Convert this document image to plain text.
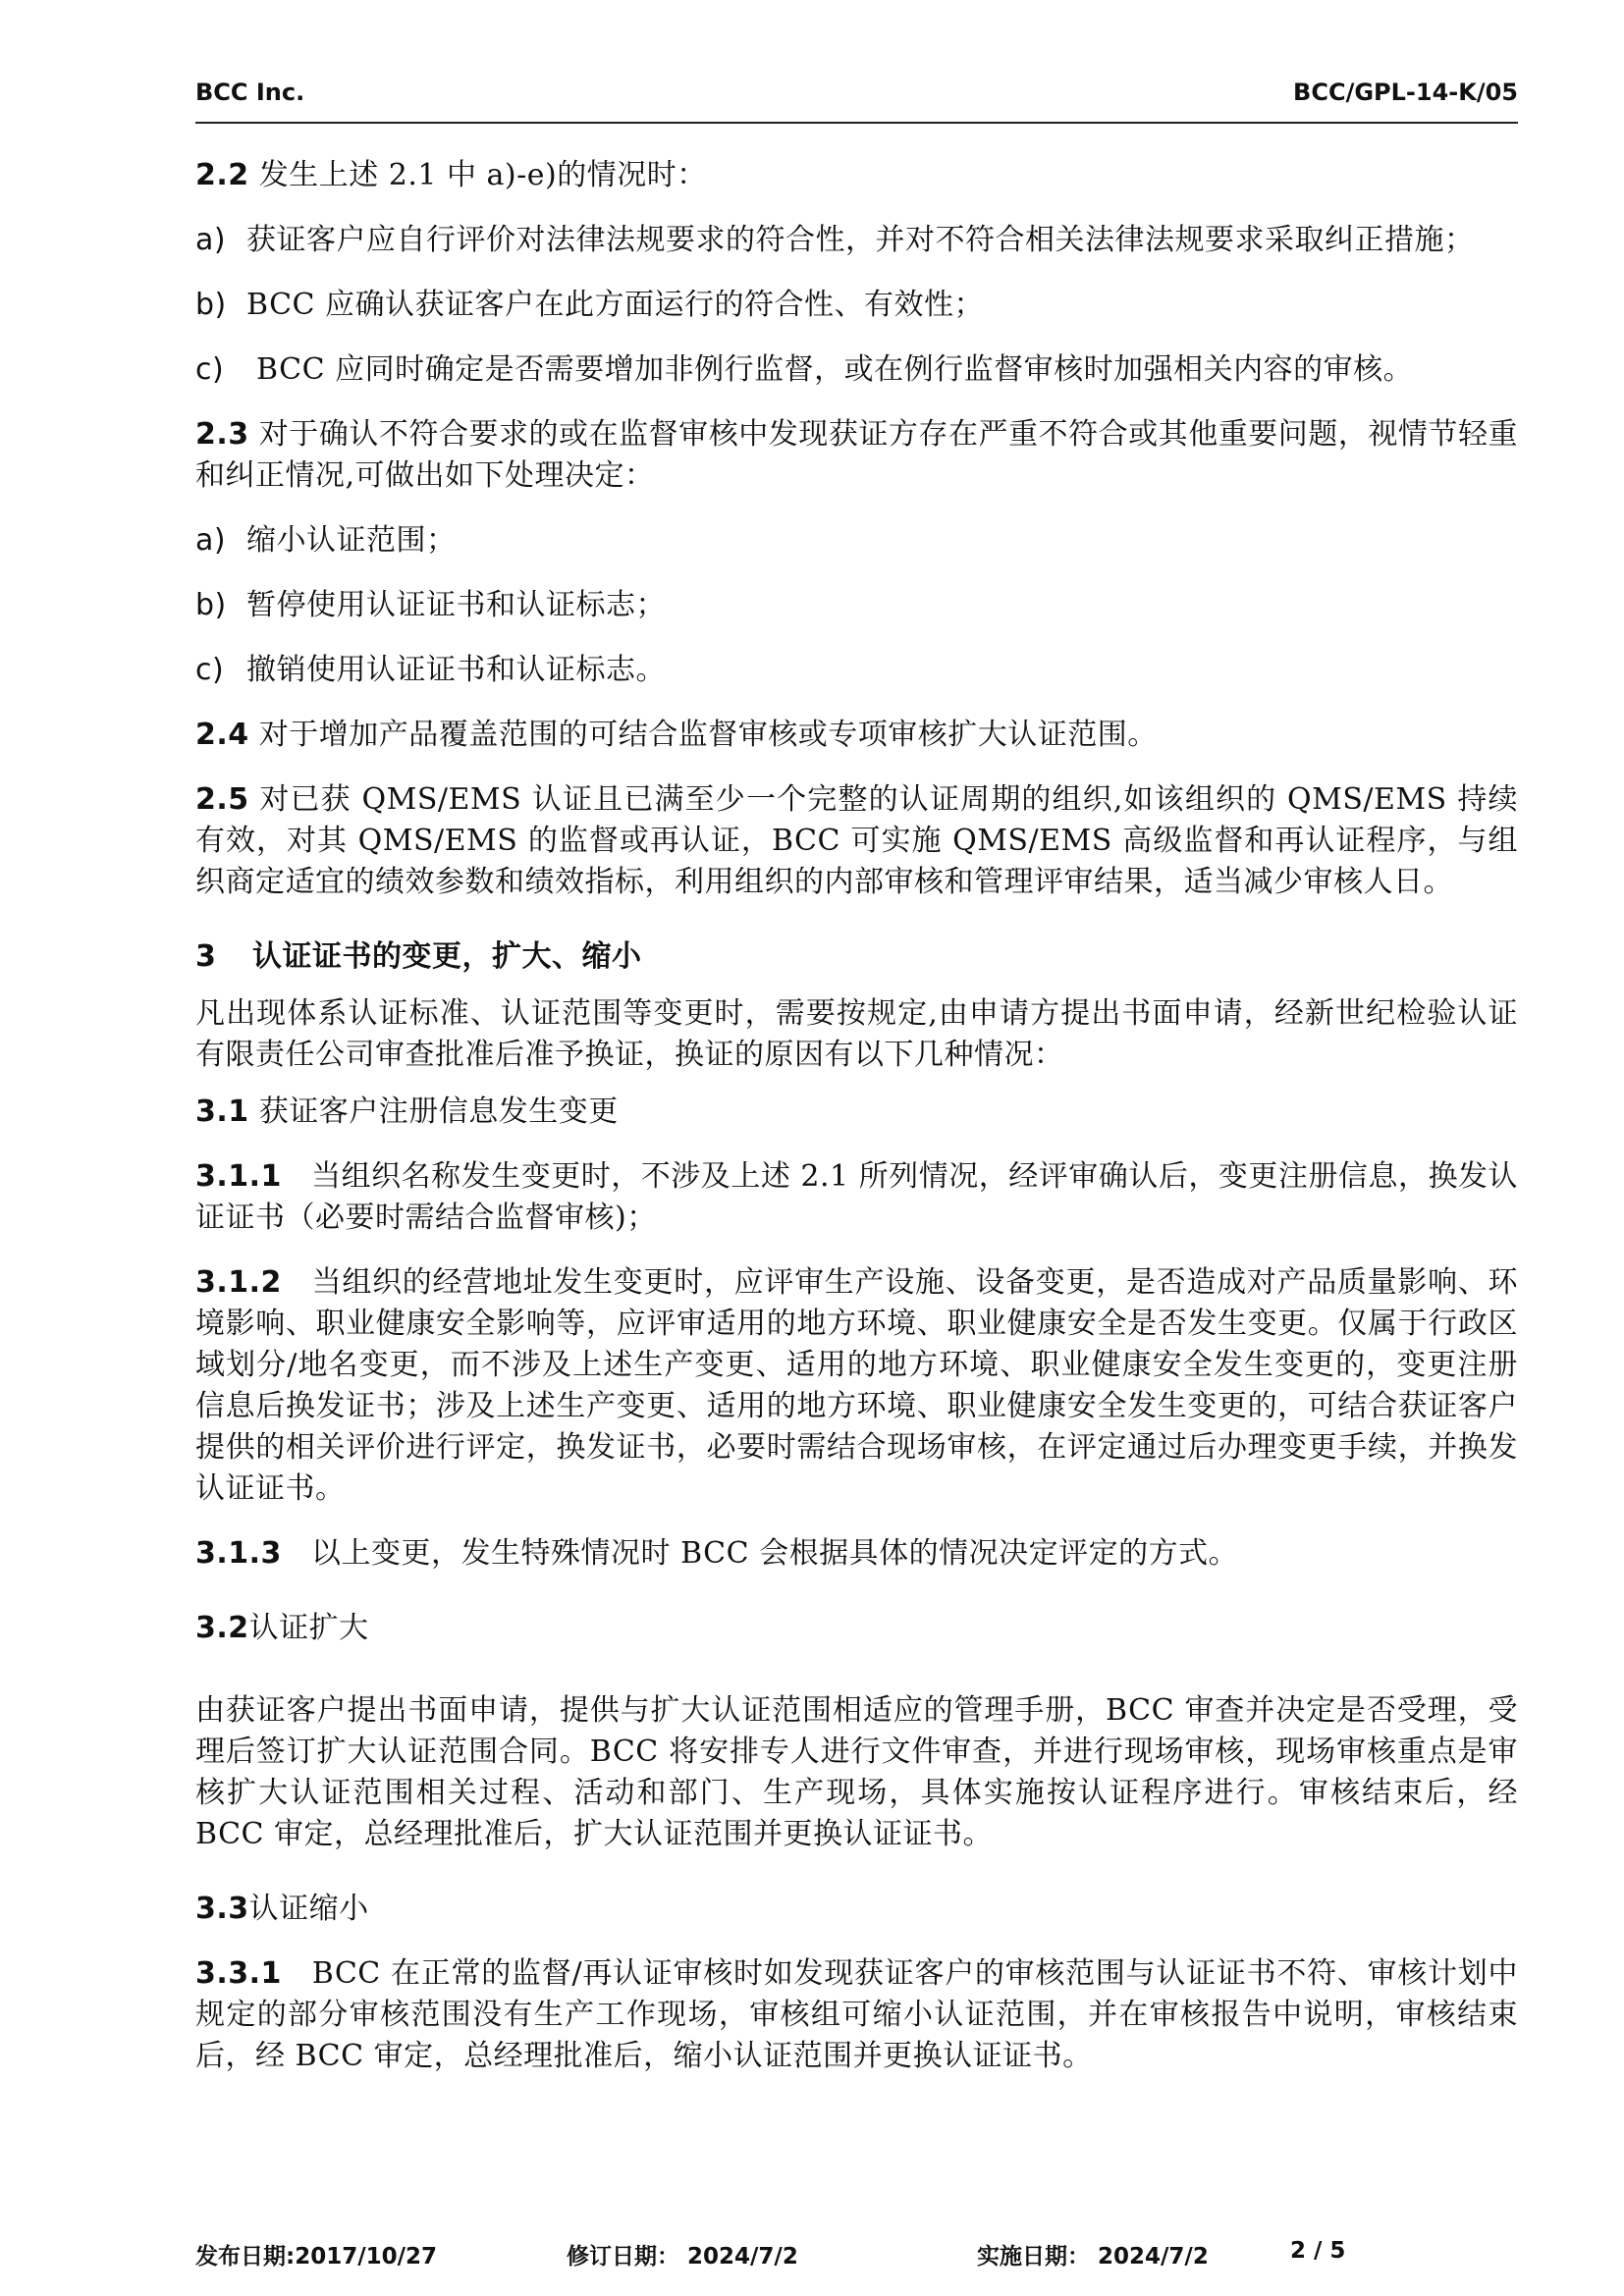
BCC Inc.	BCC/GPL-14-K/05

2.2 发生上述 2.1 中 a)-e)的情况时：

a) 获证客户应自行评价对法律法规要求的符合性，并对不符合相关法律法规要求采取纠正措施；

b) BCC 应确认获证客户在此方面运行的符合性、有效性；

c) BCC 应同时确定是否需要增加非例行监督，或在例行监督审核时加强相关内容的审核。

2.3 对于确认不符合要求的或在监督审核中发现获证方存在严重不符合或其他重要问题，视情节轻重和纠正情况,可做出如下处理决定：

a) 缩小认证范围；

b) 暂停使用认证证书和认证标志；

c) 撤销使用认证证书和认证标志。

2.4 对于增加产品覆盖范围的可结合监督审核或专项审核扩大认证范围。

2.5 对已获 QMS/EMS 认证且已满至少一个完整的认证周期的组织,如该组织的 QMS/EMS 持续有效，对其 QMS/EMS 的监督或再认证，BCC 可实施 QMS/EMS 高级监督和再认证程序，与组织商定适宜的绩效参数和绩效指标，利用组织的内部审核和管理评审结果，适当减少审核人日。

3 认证证书的变更，扩大、缩小

凡出现体系认证标准、认证范围等变更时，需要按规定,由申请方提出书面申请，经新世纪检验认证有限责任公司审查批准后准予换证，换证的原因有以下几种情况：

3.1 获证客户注册信息发生变更

3.1.1 当组织名称发生变更时，不涉及上述 2.1 所列情况，经评审确认后，变更注册信息，换发认证证书（必要时需结合监督审核)；

3.1.2 当组织的经营地址发生变更时，应评审生产设施、设备变更，是否造成对产品质量影响、环境影响、职业健康安全影响等，应评审适用的地方环境、职业健康安全是否发生变更。仅属于行政区域划分/地名变更，而不涉及上述生产变更、适用的地方环境、职业健康安全发生变更的，变更注册信息后换发证书；涉及上述生产变更、适用的地方环境、职业健康安全发生变更的，可结合获证客户提供的相关评价进行评定，换发证书，必要时需结合现场审核，在评定通过后办理变更手续，并换发认证证书。

3.1.3 以上变更，发生特殊情况时 BCC 会根据具体的情况决定评定的方式。

3.2认证扩大

由获证客户提出书面申请，提供与扩大认证范围相适应的管理手册，BCC 审查并决定是否受理，受理后签订扩大认证范围合同。BCC 将安排专人进行文件审查，并进行现场审核，现场审核重点是审核扩大认证范围相关过程、活动和部门、生产现场，具体实施按认证程序进行。审核结束后，经 BCC 审定，总经理批准后，扩大认证范围并更换认证证书。

3.3认证缩小

3.3.1 BCC 在正常的监督/再认证审核时如发现获证客户的审核范围与认证证书不符、审核计划中规定的部分审核范围没有生产工作现场，审核组可缩小认证范围，并在审核报告中说明，审核结束后，经 BCC 审定，总经理批准后，缩小认证范围并更换认证证书。

发布日期:2017/10/27	修订日期： 2024/7/2	实施日期： 2024/7/2	2 / 5
